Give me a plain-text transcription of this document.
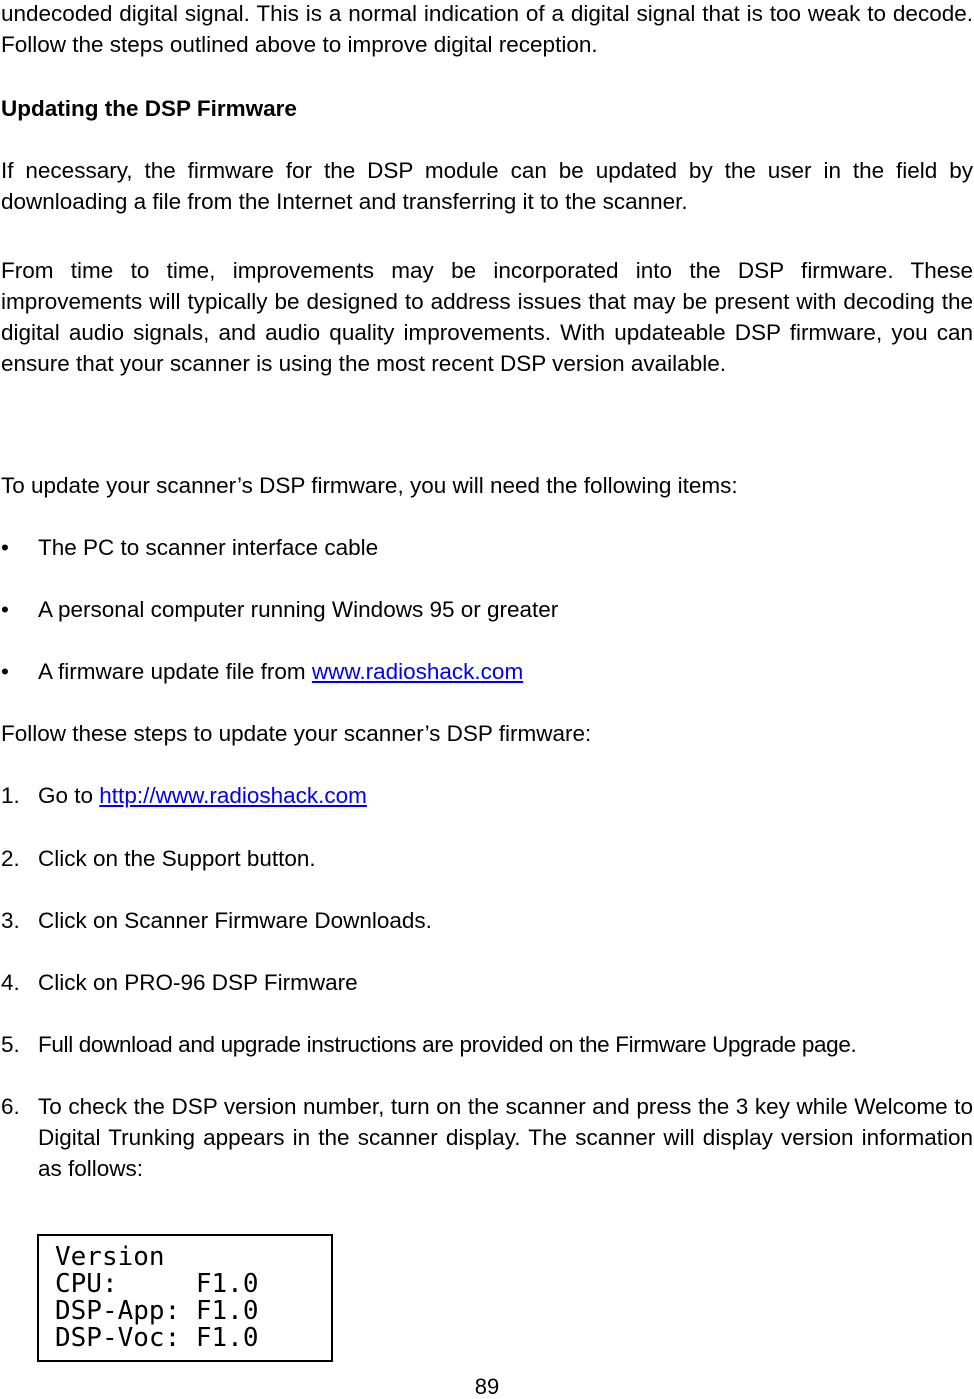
undecoded digital signal. This is a normal indication of a digital signal that is too weak to decode. Follow the steps outlined above to improve digital reception.

Updating the DSP Firmware

If necessary, the firmware for the DSP module can be updated by the user in the field by downloading a file from the Internet and transferring it to the scanner.

From time to time, improvements may be incorporated into the DSP firmware. These improvements will typically be designed to address issues that may be present with decoding the digital audio signals, and audio quality improvements. With updateable DSP firmware, you can ensure that your scanner is using the most recent DSP version available.

To update your scanner’s DSP firmware, you will need the following items:

•	The PC to scanner interface cable
•	A personal computer running Windows 95 or greater
•	A firmware update file from www.radioshack.com

Follow these steps to update your scanner’s DSP firmware:

1. Go to http://www.radioshack.com
2. Click on the Support button.
3. Click on Scanner Firmware Downloads.
4. Click on PRO-96 DSP Firmware
5. Full download and upgrade instructions are provided on the Firmware Upgrade page.
6. To check the DSP version number, turn on the scanner and press the 3 key while Welcome to Digital Trunking appears in the scanner display. The scanner will display version information as follows:
Version
CPU:     F1.0
DSP-App: F1.0
DSP-Voc: F1.0
89
